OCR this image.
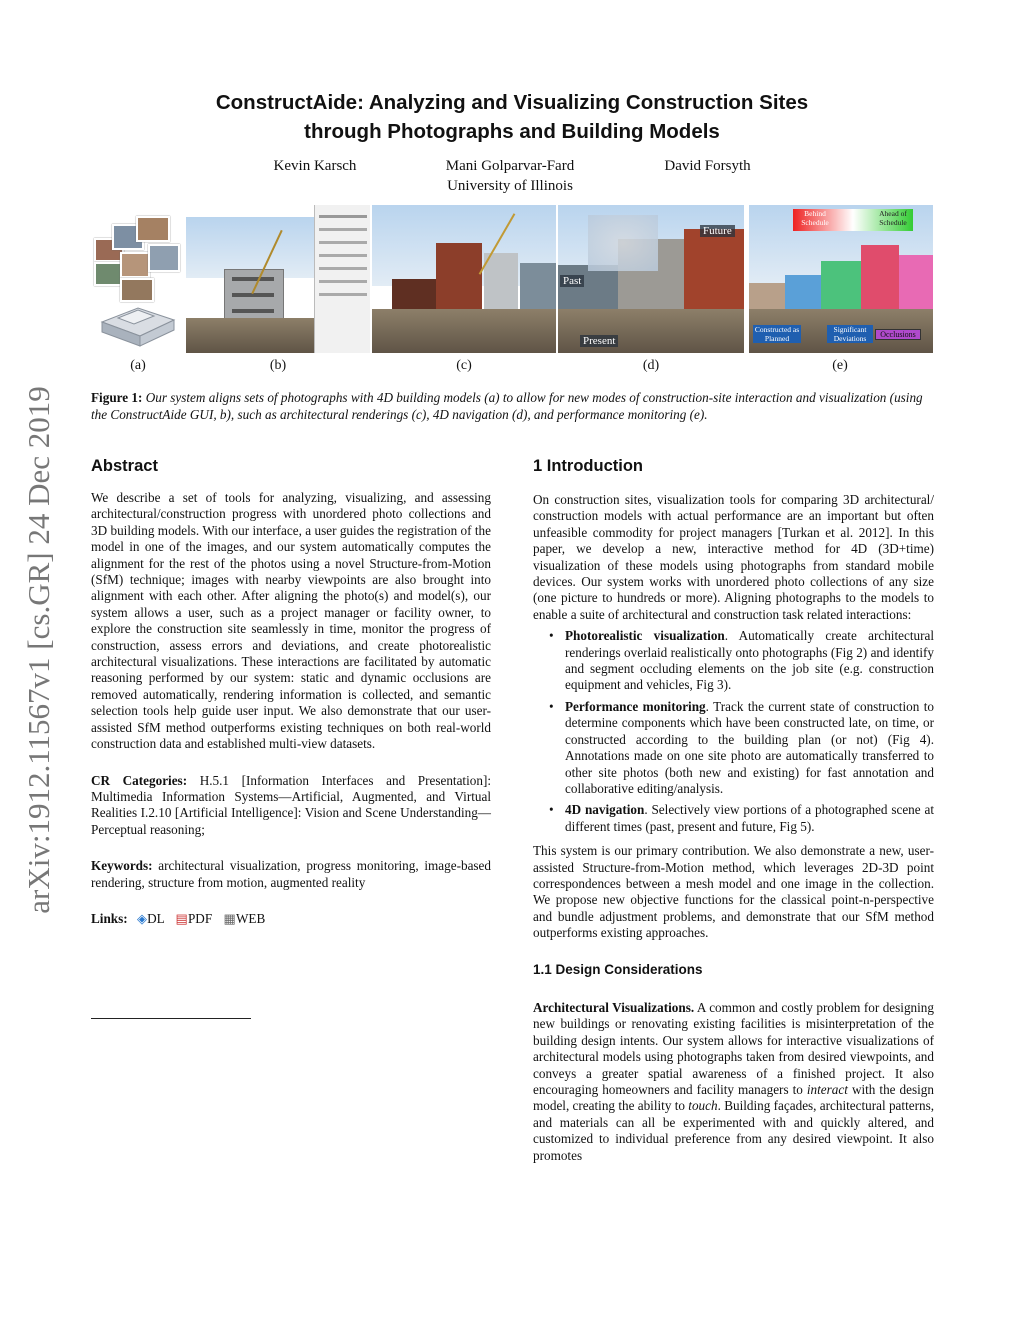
arXiv:1912.11567v1 [cs.GR] 24 Dec 2019
ConstructAide: Analyzing and Visualizing Construction Sites
through Photographs and Building Models
Kevin Karsch	Mani Golparvar-Fard
University of Illinois
David Forsyth
Future
Past
Present
Behind Schedule
Ahead of Schedule
Constructed as Planned
Significant Deviations	Occlusions
(a)	(b)	(c)	(d)	(e)
Figure 1: Our system aligns sets of photographs with 4D building models (a) to allow for new modes of construction-site interaction and visualization (using the ConstructAide GUI, b), such as architectural renderings (c), 4D navigation (d), and performance monitoring (e).
Abstract

We describe a set of tools for analyzing, visualizing, and assessing architectural/construction progress with unordered photo collections and 3D building models. With our interface, a user guides the registration of the model in one of the images, and our system automatically computes the alignment for the rest of the photos using a novel Structure-from-Motion (SfM) technique; images with nearby viewpoints are also brought into alignment with each other. After aligning the photo(s) and model(s), our system allows a user, such as a project manager or facility owner, to explore the construction site seamlessly in time, monitor the progress of construction, assess errors and deviations, and create photorealistic architectural visualizations. These interactions are facilitated by automatic reasoning performed by our system: static and dynamic occlusions are removed automatically, rendering information is collected, and semantic selection tools help guide user input. We also demonstrate that our user-assisted SfM method outperforms existing techniques on both real-world construction data and established multi-view datasets.

CR Categories: H.5.1 [Information Interfaces and Presentation]: Multimedia Information Systems—Artificial, Augmented, and Virtual Realities I.2.10 [Artificial Intelligence]: Vision and Scene Understanding—Perceptual reasoning;

Keywords: architectural visualization, progress monitoring, image-based rendering, structure from motion, augmented reality

Links: ◈DL ▤PDF ▦WEB

1 Introduction

On construction sites, visualization tools for comparing 3D architectural/ construction models with actual performance are an important but often unfeasible commodity for project managers [Turkan et al. 2012]. In this paper, we develop a new, interactive method for 4D (3D+time) visualization of these models using photographs from standard mobile devices. Our system works with unordered photo collections of any size (one picture to hundreds or more). Aligning photographs to the models to enable a suite of architectural and construction task related interactions:

• Photorealistic visualization. Automatically create architectural renderings overlaid realistically onto photographs (Fig 2) and identify and segment occluding elements on the job site (e.g. construction equipment and vehicles, Fig 3).
• Performance monitoring. Track the current state of construction to determine components which have been constructed late, on time, or constructed according to the building plan (or not) (Fig 4). Annotations made on one site photo are automatically transferred to other site photos (both new and existing) for fast annotation and collaborative editing/analysis.
• 4D navigation. Selectively view portions of a photographed scene at different times (past, present and future, Fig 5).

This system is our primary contribution. We also demonstrate a new, user-assisted Structure-from-Motion method, which leverages 2D-3D point correspondences between a mesh model and one image in the collection. We propose new objective functions for the classical point-n-perspective and bundle adjustment problems, and demonstrate that our SfM method outperforms existing approaches.

1.1 Design Considerations

Architectural Visualizations. A common and costly problem for designing new buildings or renovating existing facilities is misinterpretation of the building design intents. Our system allows for interactive visualizations of architectural models using photographs taken from desired viewpoints, and conveys a greater spatial awareness of a finished project. It also encouraging homeowners and facility managers to interact with the design model, creating the ability to touch. Building façades, architectural patterns, and materials can all be experimented with and quickly altered, and customized to individual preference from any desired viewpoint. It also promotes
